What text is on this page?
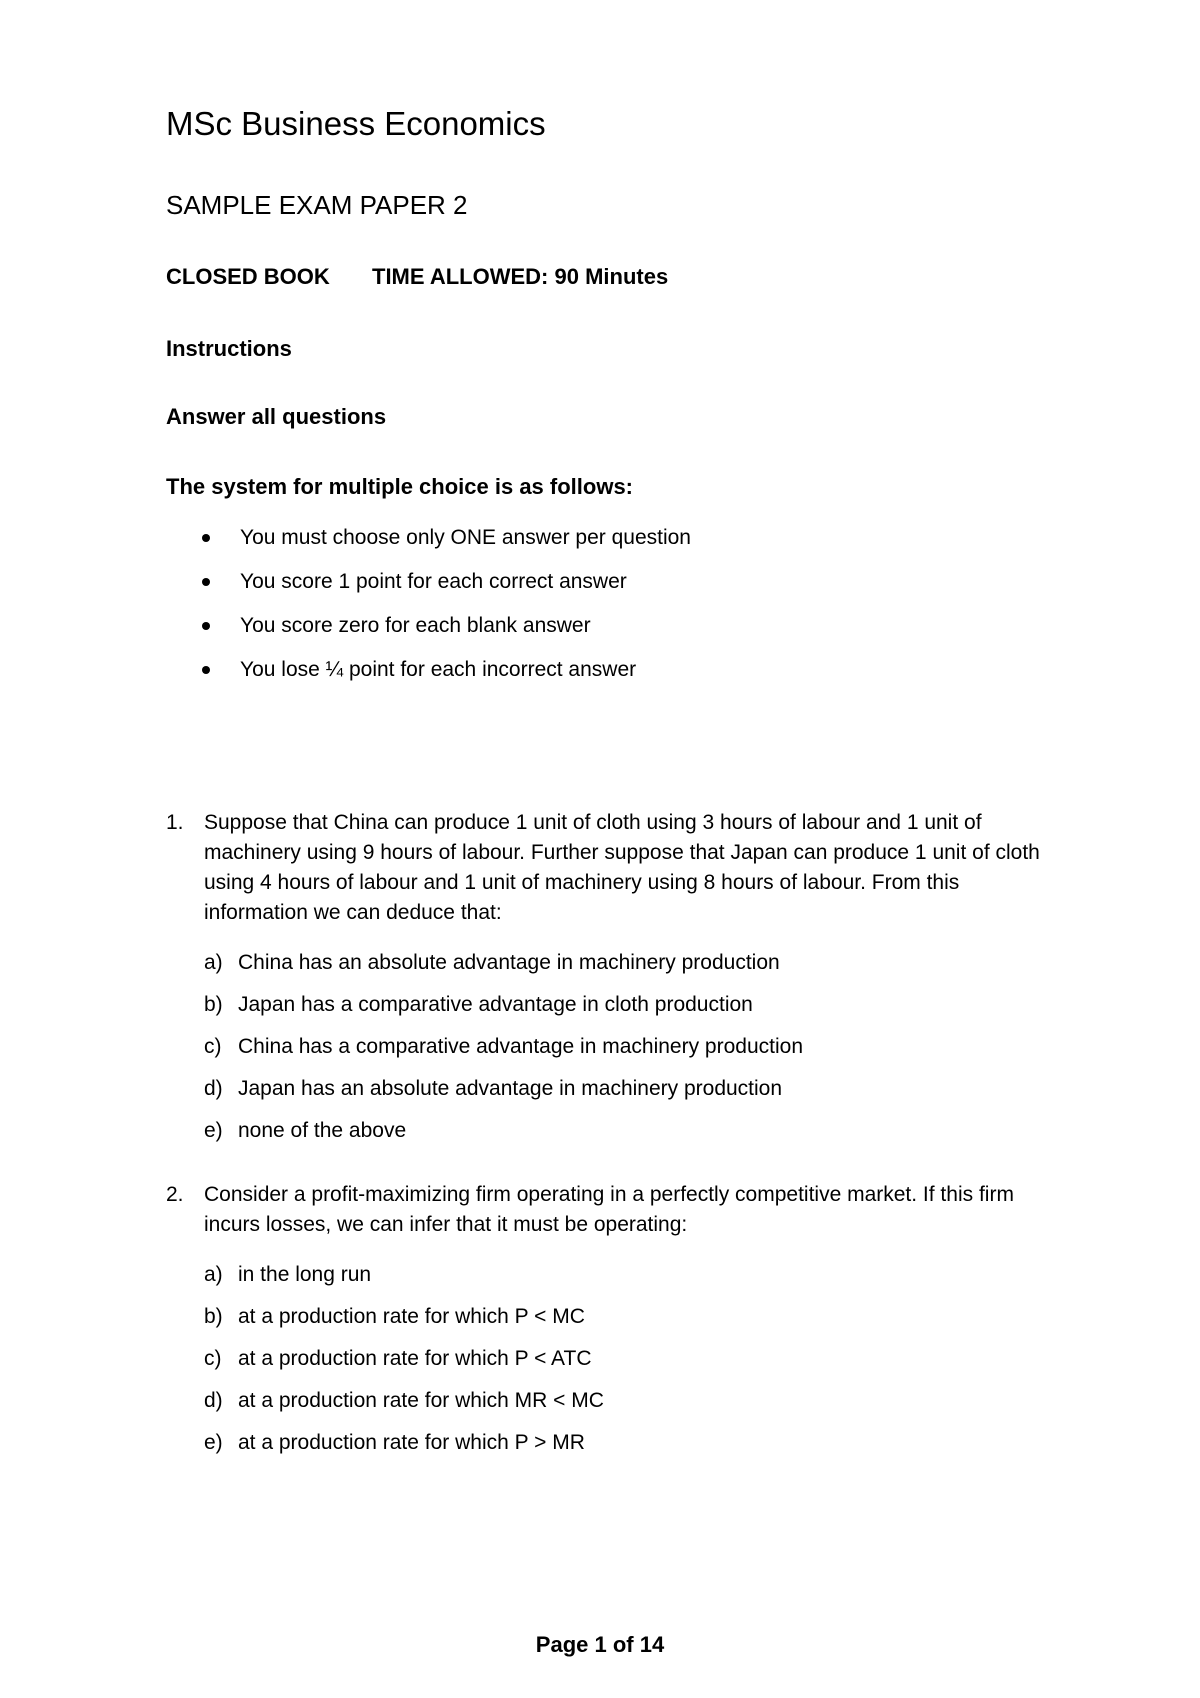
MSc Business Economics
SAMPLE EXAM PAPER 2
CLOSED BOOK TIME ALLOWED: 90 Minutes
Instructions
Answer all questions
The system for multiple choice is as follows:
You must choose only ONE answer per question
You score 1 point for each correct answer
You score zero for each blank answer
You lose ¼ point for each incorrect answer
1. Suppose that China can produce 1 unit of cloth using 3 hours of labour and 1 unit of machinery using 9 hours of labour. Further suppose that Japan can produce 1 unit of cloth using 4 hours of labour and 1 unit of machinery using 8 hours of labour. From this information we can deduce that:
a) China has an absolute advantage in machinery production
b) Japan has a comparative advantage in cloth production
c) China has a comparative advantage in machinery production
d) Japan has an absolute advantage in machinery production
e) none of the above
2. Consider a profit-maximizing firm operating in a perfectly competitive market. If this firm incurs losses, we can infer that it must be operating:
a) in the long run
b) at a production rate for which P < MC
c) at a production rate for which P < ATC
d) at a production rate for which MR < MC
e) at a production rate for which P > MR
Page 1 of 14
